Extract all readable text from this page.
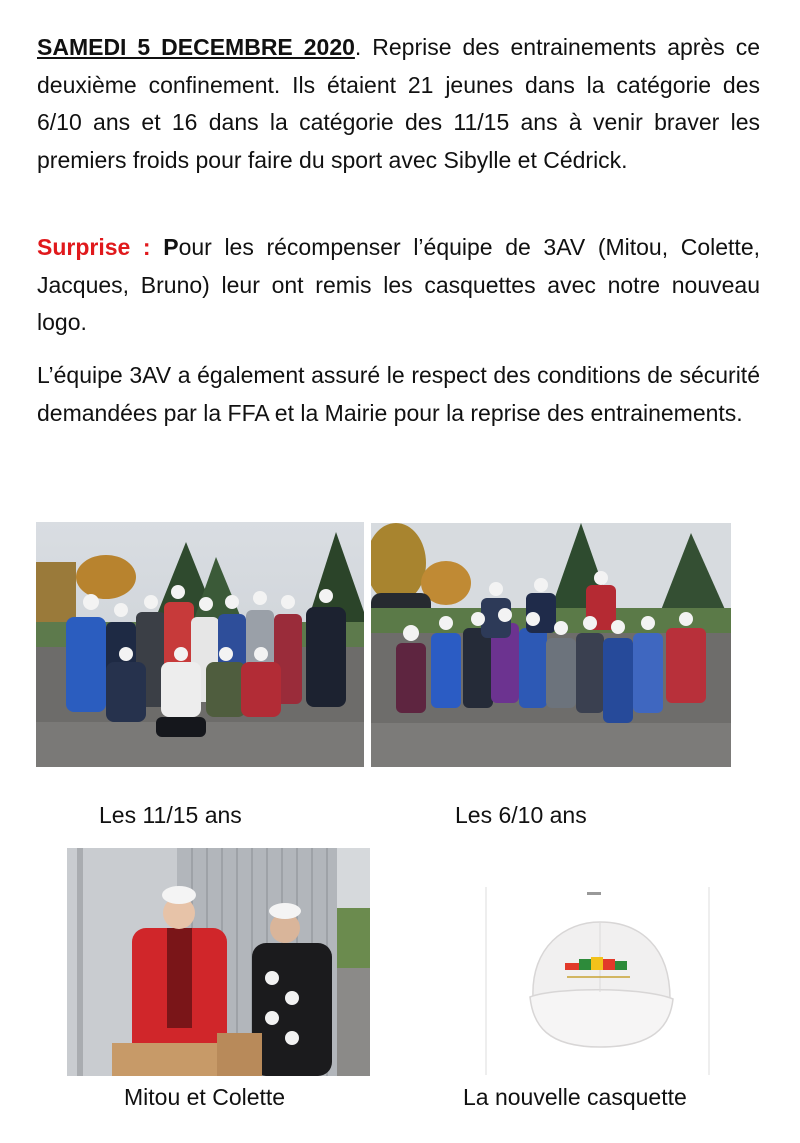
SAMEDI 5 DECEMBRE 2020. Reprise des entrainements après ce deuxième confinement. Ils étaient 21 jeunes dans la catégorie des 6/10 ans et 16 dans la catégorie des 11/15 ans à venir braver les premiers froids pour faire du sport avec Sibylle et Cédrick.

Surprise : Pour les récompenser l’équipe de 3AV (Mitou, Colette, Jacques, Bruno) leur ont remis les casquettes avec notre nouveau logo.

L’équipe 3AV a également assuré le respect des conditions de sécurité demandées par la FFA et la Mairie pour la reprise des entrainements.

Les 11/15 ans	Les 6/10 ans
Mitou et Colette	La nouvelle casquette
